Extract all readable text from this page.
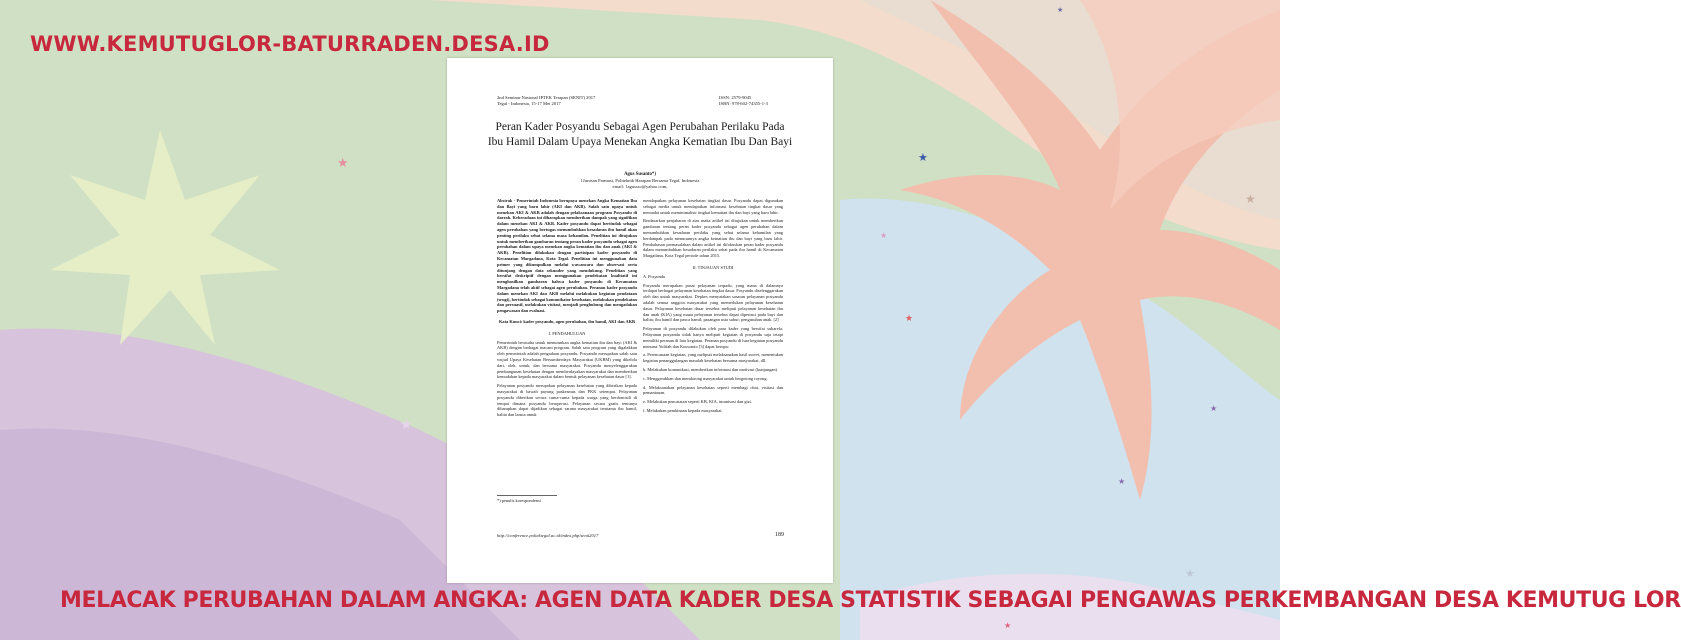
★	★
★
★
★
★
★
★
★
★
★
WWW.KEMUTUGLOR-BATURRADEN.DESA.ID
2nd Seminar Nasional IPTEK Terapan (SENIT) 2017
Tegal - Indonesia, 15-17 Mei 2017
ISSN: 2579-9045
ISBN: 978-602-74355-1-3
Peran Kader Posyandu Sebagai Agen Perubahan Perilaku Pada Ibu Hamil Dalam Upaya Menekan Angka Kematian Ibu Dan Bayi
Agus Susanto*)
1Jurusan Farmasi, Politeknik Harapan Bersama Tegal, Indonesia
email: 1agussso@yahoo.com,

Abstrak - Pemerintah Indonesia berupaya menekan Angka Kematian Ibu dan Bayi yang baru lahir (AKI dan AKB). Salah satu upaya untuk menekan AKI & AKB adalah dengan pelaksanaan program Posyandu di daerah. Keberadaan ini diharapkan memberikan dampak yang signifikan dalam menekan AKI & AKB. Kader posyandu dapat bertindak sebagai agen perubahan yang bertugas menumbuhkan kesadaran ibu hamil akan penting perilaku sehat selama masa kehamilan. Penelitian ini ditujukan untuk memberikan gambaran tentang peran kader posyandu sebagai agen perubahan dalam upaya menekan angka kematian ibu dan anak (AKI & AKB). Penelitian dilakukan dengan partisipan kader posyandu di Kecamatan Margadana, Kota Tegal. Penelitian ini menggunakan data primer yang dikumpulkan melalui wawancara dan observasi serta ditunjang dengan data sekunder yang mendukung. Penelitian yang bersifat deskriptif dengan menggunakan pendekatan kualitatif ini menghasilkan gambaran bahwa kader posyandu di Kecamatan Margadana telah aktif sebagai agen perubahan. Peranan kader posyandu dalam menekan AKI dan AKB melalui melakukan kegiatan pendataan (srugi), bertindak sebagai komunikator kesehatan, melakukan pendekatan dan persuasif, melakukan visitasi, menjadi penghubung dan mengadakan pengawasan dan evaluasi.

Kata Kunci: kader posyandu, agen perubahan, ibu hamil, AKI dan AKB

I. PENDAHULUAN

Pemerintah berusaha untuk menurunkan angka kematian ibu dan bayi (AKI & AKB) dengan berbagai macam program. Salah satu program yang digalakkan oleh pemerintah adalah pengadaan posyandu. Posyandu merupakan salah satu wujud Upaya Kesehatan Bersumberdaya Masyarakat (UKBM) yang dikelola dari, oleh, untuk, dan bersama masyarakat. Posyandu menyelenggarakan pembangunan kesehatan dengan memberdayakan masyarakat dan memberikan kemudahan kepada masyarakat dalam bentuk pelayanan kesehatan dasar [1].

Pelayanan posyandu merupakan pelayanan kesehatan yang diberikan kepada masyarakat di bawah payung puskesmas dan PKK setempat. Pelayanan posyandu diberikan secara cuma-cuma kepada warga yang berdomisili di tempat dimana posyandu beroperasi. Pelayanan secara gratis tentunya diharapkan dapat dijadikan sebagai sarana masyarakat terutama ibu hamil, balita dan lansia untuk

mendapatkan pelayanan kesehatan tingkat dasar. Posyandu dapat digunakan sebagai media untuk mendapatkan informasi kesehatan tingkat dasar yang memadai untuk meminimalisir tingkat kematian ibu dan bayi yang baru lahir.

Berdasarkan penjabaran di atas maka artikel ini ditujukan untuk memberikan gambaran tentang peran kader posyandu sebagai agen perubahan dalam menumbuhkan kesadaran perilaku yang sehat selama kehamilan yang berdampak pada menurunnya angka kematian ibu dan bayi yang baru lahir. Pembahasan permasalahan dalam artikel ini difokuskan peran kader posyandu dalam menumbuhkan kesadaran perilaku sehat pada ibu hamil di Kecamatan Margadana, Kota Tegal periode tahun 2015.

II. TINJAUAN STUDI

A. Posyandu

Posyandu merupakan pusat pelayanan terpadu, yang mana di dalamnya terdapat berbagai pelayanan kesehatan tingkat dasar. Posyandu diselenggarakan oleh dan untuk masyarakat. Depkes menyatakan sasaran pelayanan posyandu adalah semua anggota masyarakat yang memerlukan pelayanan kesehatan dasar. Pelayanan kesehatan dasar tersebut meliputi pelayanan kesehatan ibu dan anak (KIA) yang mana pelayanan tersebut dapat diperinci pada bayi dan balita; ibu hamil dan pasca hamil; pasangan usia subur; pengasuhan anak. [2]

Pelayanan di posyandu dilakukan oleh para kader yang bersifat sukarela. Pelayanan posyandu tidak hanya meliputi kegiatan di posyandu saja tetapi memiliki peranan di luar kegiatan. Peranan posyandu di luar kegiatan posyandu menurut Yulifah dan Kuswanto [3] dapat berupa:

a. Perencanaan kegiatan, yang meliputi melaksanakan hasil survei, menentukan kegiatan penanggulangan masalah kesehatan bersama masyarakat, dll.

b. Melakukan komunikasi, memberikan informasi dan motivasi (kunjungan).

c. Menggerakkan dan mendorong masyarakat untuk bergotong royong.

d. Melaksanakan pelayanan kesehatan seperti membagi obat, visitasi dan pemantauan.

e. Melakukan pencatatan seperti KB, KIA, imunisasi dan gizi.

f. Melakukan pembinaan kepada masyarakat.

*) penulis korespondensi
http://conference.poltektegal.ac.id/index.php/senit2017	189
MELACAK PERUBAHAN DALAM ANGKA: AGEN DATA KADER DESA STATISTIK SEBAGAI PENGAWAS PERKEMBANGAN DESA KEMUTUG LOR
